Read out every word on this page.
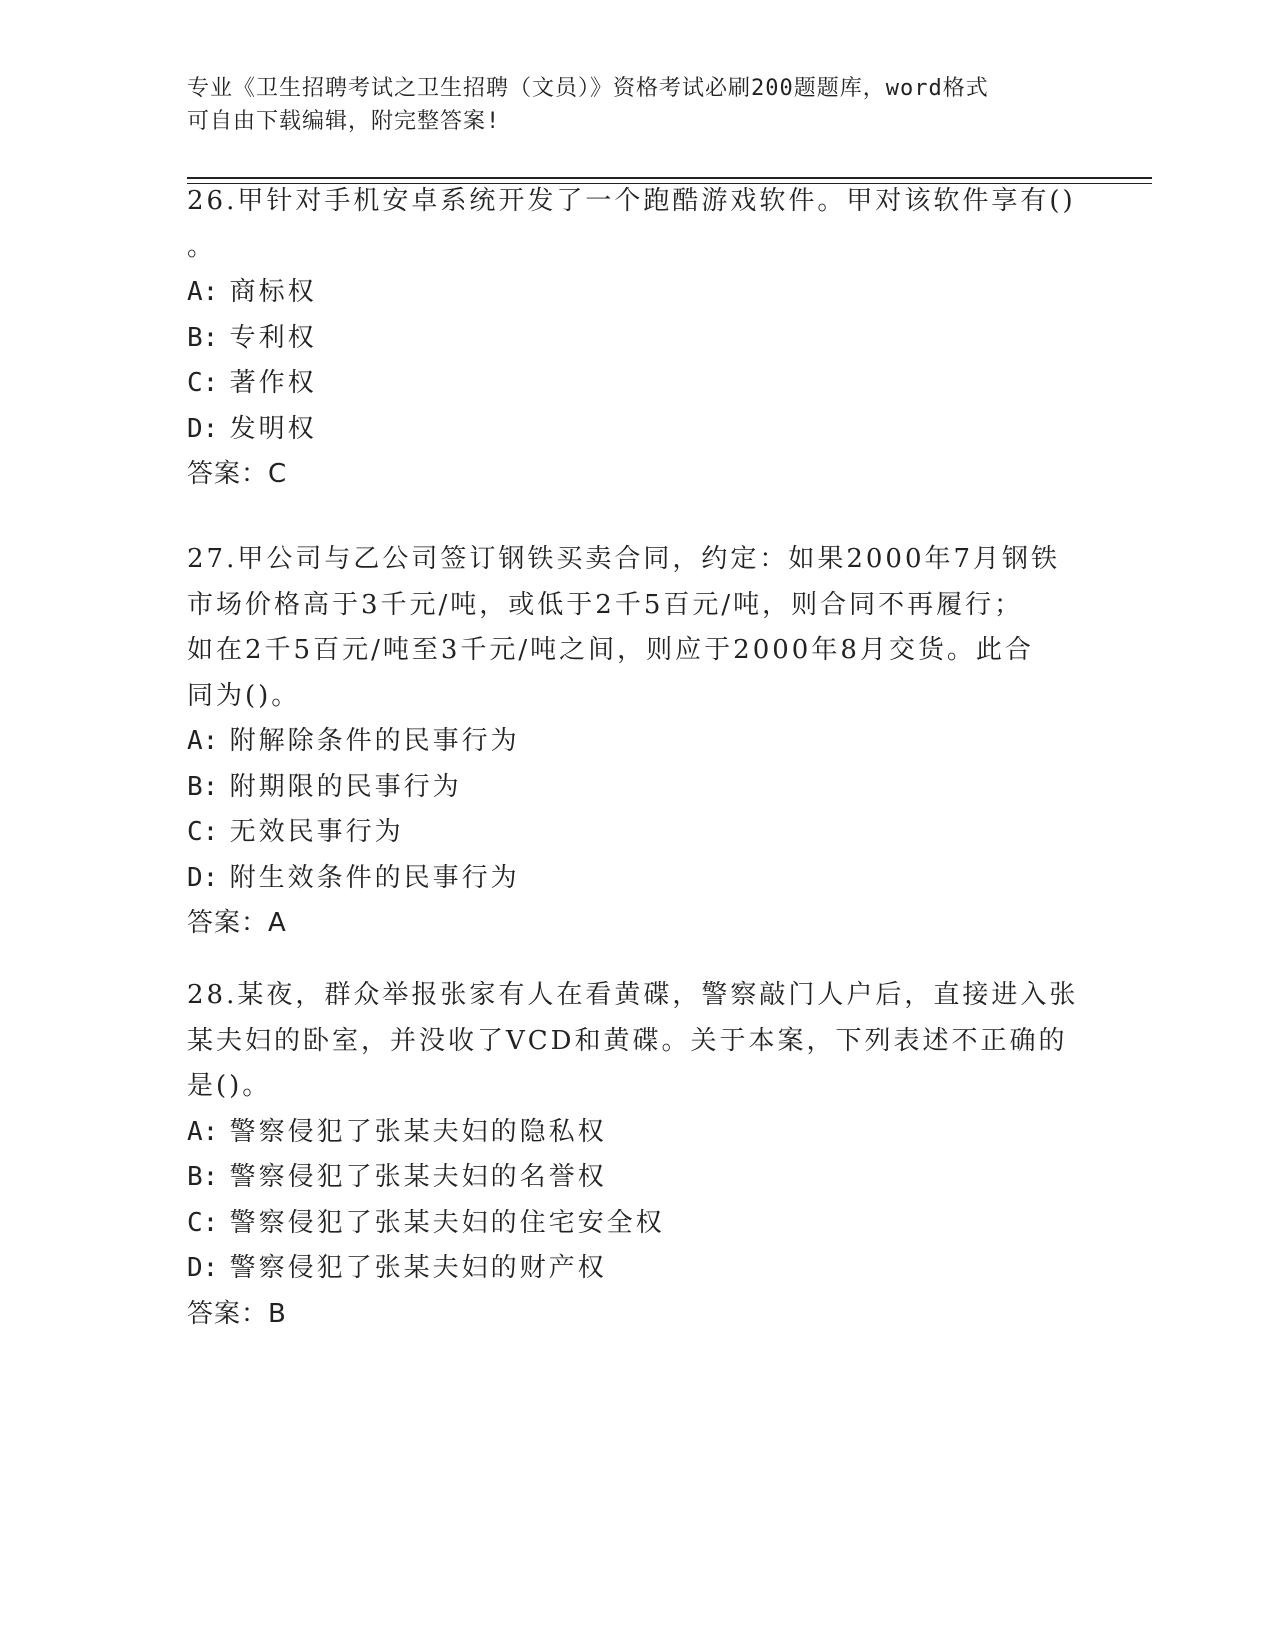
专业《卫生招聘考试之卫生招聘（文员）》资格考试必刷200题题库，word格式
可自由下载编辑，附完整答案!
26.甲针对手机安卓系统开发了一个跑酷游戏软件。甲对该软件享有()
。
A: 商标权
B: 专利权
C: 著作权
D: 发明权
答案：C
27.甲公司与乙公司签订钢铁买卖合同，约定：如果2000年7月钢铁
市场价格高于3千元/吨，或低于2千5百元/吨，则合同不再履行；
如在2千5百元/吨至3千元/吨之间，则应于2000年8月交货。此合
同为()。
A: 附解除条件的民事行为
B: 附期限的民事行为
C: 无效民事行为
D: 附生效条件的民事行为
答案：A
28.某夜，群众举报张家有人在看黄碟，警察敲门人户后，直接进入张
某夫妇的卧室，并没收了VCD和黄碟。关于本案，下列表述不正确的
是()。
A: 警察侵犯了张某夫妇的隐私权
B: 警察侵犯了张某夫妇的名誉权
C: 警察侵犯了张某夫妇的住宅安全权
D: 警察侵犯了张某夫妇的财产权
答案：B
